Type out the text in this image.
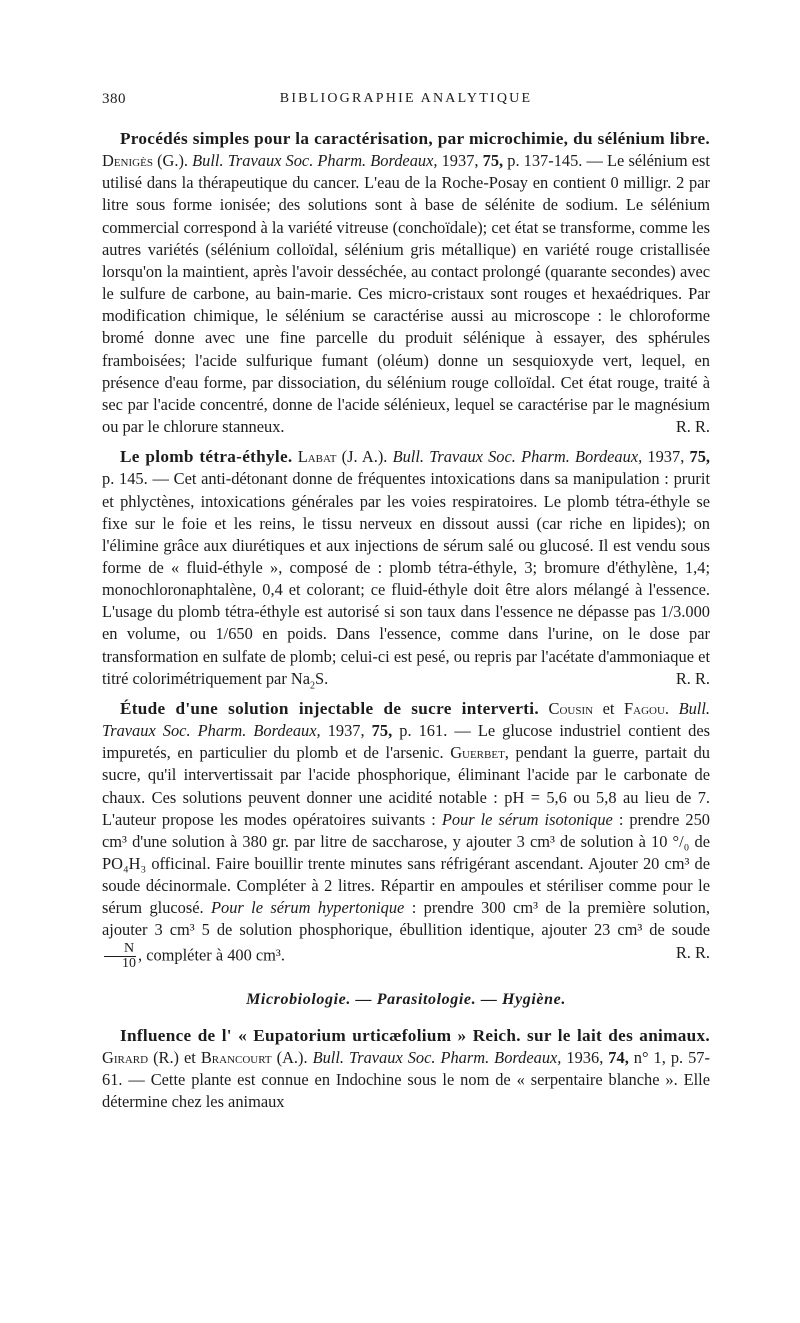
380	BIBLIOGRAPHIE ANALYTIQUE

Procédés simples pour la caractérisation, par microchimie, du sélénium libre. Denigès (G.). Bull. Travaux Soc. Pharm. Bordeaux, 1937, 75, p. 137-145. — Le sélénium est utilisé dans la thérapeutique du cancer. L'eau de la Roche-Posay en contient 0 milligr. 2 par litre sous forme ionisée; des solutions sont à base de sélénite de sodium. Le sélénium commercial correspond à la variété vitreuse (conchoïdale); cet état se transforme, comme les autres variétés (sélénium colloïdal, sélénium gris métallique) en variété rouge cristallisée lorsqu'on la maintient, après l'avoir desséchée, au contact prolongé (quarante secondes) avec le sulfure de carbone, au bain-marie. Ces micro-cristaux sont rouges et hexaédriques. Par modification chimique, le sélénium se caractérise aussi au microscope : le chloroforme bromé donne avec une fine parcelle du produit sélénique à essayer, des sphérules framboisées; l'acide sulfurique fumant (oléum) donne un sesquioxyde vert, lequel, en présence d'eau forme, par dissociation, du sélénium rouge colloïdal. Cet état rouge, traité à sec par l'acide concentré, donne de l'acide sélénieux, lequel se caractérise par le magnésium ou par le chlorure stanneux.	R. R.

Le plomb tétra-éthyle. Labat (J. A.). Bull. Travaux Soc. Pharm. Bordeaux, 1937, 75, p. 145. — Cet anti-détonant donne de fréquentes intoxications dans sa manipulation : prurit et phlyctènes, intoxications générales par les voies respiratoires. Le plomb tétra-éthyle se fixe sur le foie et les reins, le tissu nerveux en dissout aussi (car riche en lipides); on l'élimine grâce aux diurétiques et aux injections de sérum salé ou glucosé. Il est vendu sous forme de « fluid-éthyle », composé de : plomb tétra-éthyle, 3; bromure d'éthylène, 1,4; monochloronaphtalène, 0,4 et colorant; ce fluid-éthyle doit être alors mélangé à l'essence. L'usage du plomb tétra-éthyle est autorisé si son taux dans l'essence ne dépasse pas 1/3.000 en volume, ou 1/650 en poids. Dans l'essence, comme dans l'urine, on le dose par transformation en sulfate de plomb; celui-ci est pesé, ou repris par l'acétate d'ammoniaque et titré colorimétriquement par $Na_2S$.	R. R.

Étude d'une solution injectable de sucre interverti. Cousin et Fagou. Bull. Travaux Soc. Pharm. Bordeaux, 1937, 75, p. 161. — Le glucose industriel contient des impuretés, en particulier du plomb et de l'arsenic. Guerbet, pendant la guerre, partait du sucre, qu'il intervertissait par l'acide phosphorique, éliminant l'acide par le carbonate de chaux. Ces solutions peuvent donner une acidité notable : pH = 5,6 ou 5,8 au lieu de 7. L'auteur propose les modes opératoires suivants : Pour le sérum isotonique : prendre 250 cm³ d'une solution à 380 gr. par litre de saccharose, y ajouter 3 cm³ de solution à 10 °/₀ de PO₄H₃ officinal. Faire bouillir trente minutes sans réfrigérant ascendant. Ajouter 20 cm³ de soude décinormale. Compléter à 2 litres. Répartir en ampoules et stériliser comme pour le sérum glucosé. Pour le sérum hypertonique : prendre 300 cm³ de la première solution, ajouter 3 cm³ 5 de solution phosphorique, ébullition identique, ajouter 23 cm³ de soude
$\frac{N}{10}$ , compléter à 400 cm³.	R. R.

Microbiologie. — Parasitologie. — Hygiène.

Influence de l' « Eupatorium urticæfolium » Reich. sur le lait des animaux. Girard (R.) et Brancourt (A.). Bull. Travaux Soc. Pharm. Bordeaux, 1936, 74, n° 1, p. 57-61. — Cette plante est connue en Indochine sous le nom de « serpentaire blanche ». Elle détermine chez les animaux
